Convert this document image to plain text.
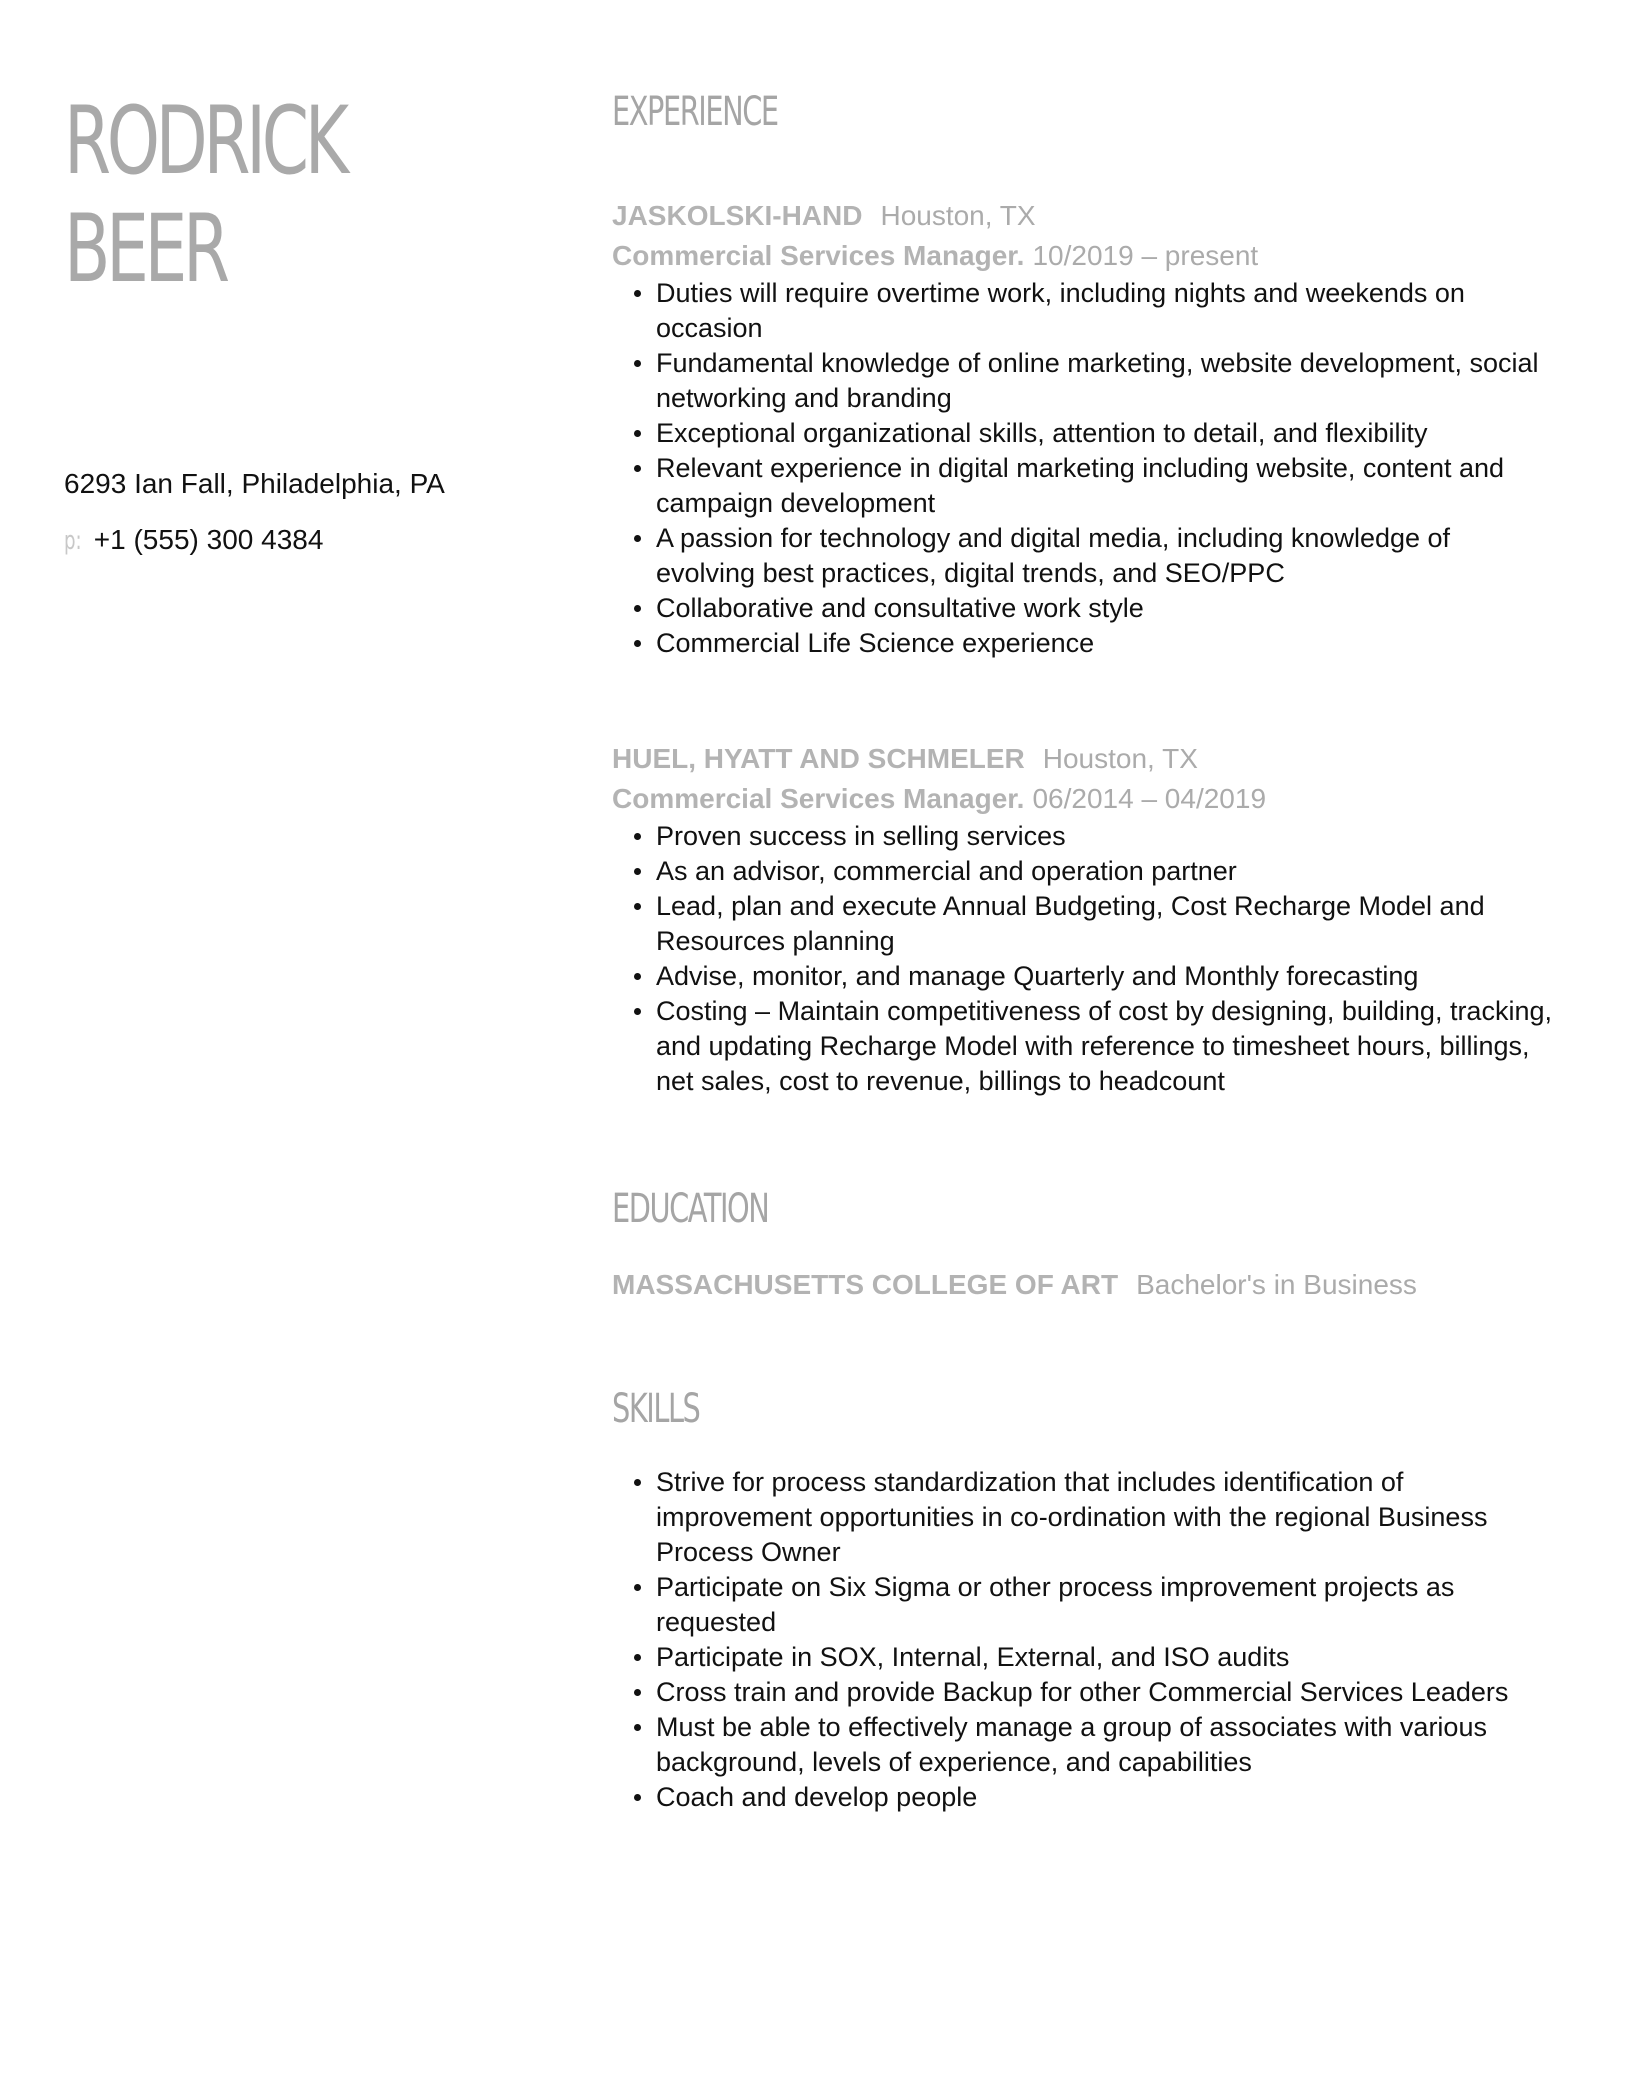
RODRICK
BEER
6293 Ian Fall, Philadelphia, PA
p: +1 (555) 300 4384
EXPERIENCE
JASKOLSKI-HAND Houston, TX
Commercial Services Manager. 10/2019 – present
Duties will require overtime work, including nights and weekends on occasion
Fundamental knowledge of online marketing, website development, social networking and branding
Exceptional organizational skills, attention to detail, and flexibility
Relevant experience in digital marketing including website, content and campaign development
A passion for technology and digital media, including knowledge of evolving best practices, digital trends, and SEO/PPC
Collaborative and consultative work style
Commercial Life Science experience
HUEL, HYATT AND SCHMELER Houston, TX
Commercial Services Manager. 06/2014 – 04/2019
Proven success in selling services
As an advisor, commercial and operation partner
Lead, plan and execute Annual Budgeting, Cost Recharge Model and Resources planning
Advise, monitor, and manage Quarterly and Monthly forecasting
Costing – Maintain competitiveness of cost by designing, building, tracking, and updating Recharge Model with reference to timesheet hours, billings, net sales, cost to revenue, billings to headcount
EDUCATION
MASSACHUSETTS COLLEGE OF ART Bachelor's in Business
SKILLS
Strive for process standardization that includes identification of improvement opportunities in co-ordination with the regional Business Process Owner
Participate on Six Sigma or other process improvement projects as requested
Participate in SOX, Internal, External, and ISO audits
Cross train and provide Backup for other Commercial Services Leaders
Must be able to effectively manage a group of associates with various background, levels of experience, and capabilities
Coach and develop people
